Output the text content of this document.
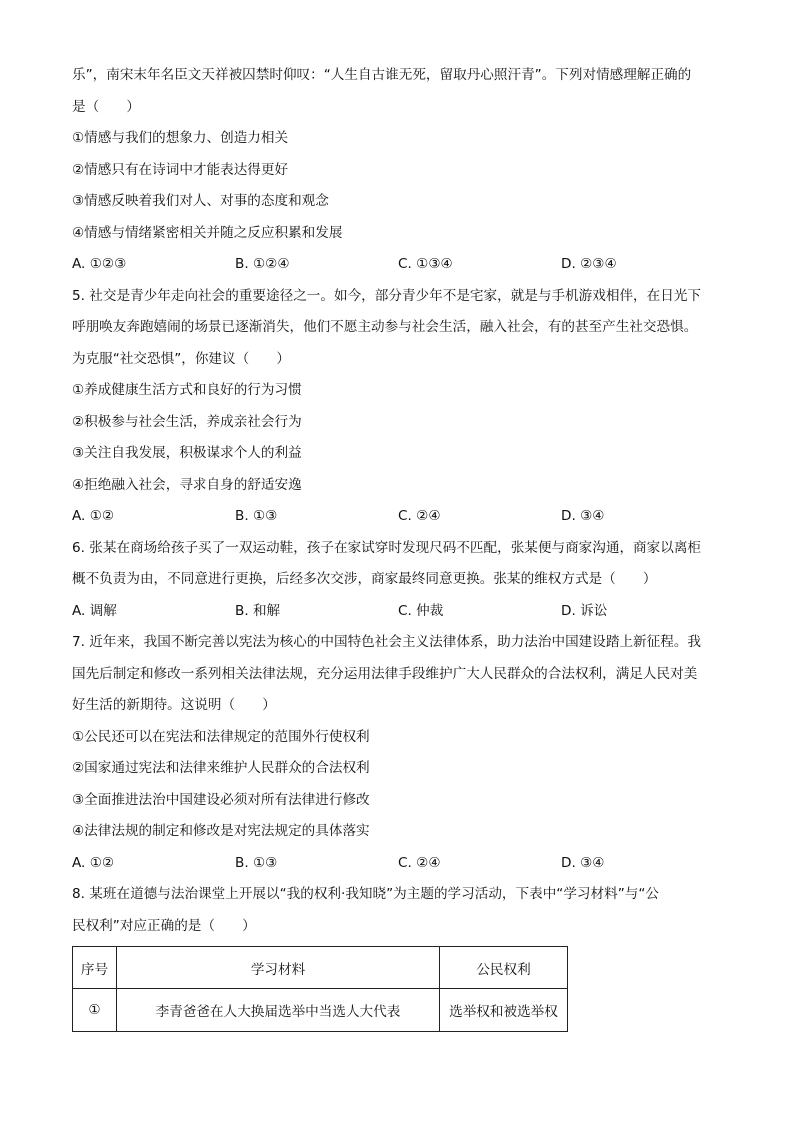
乐”，南宋末年名臣文天祥被囚禁时仰叹：“人生自古谁无死，留取丹心照汗青”。下列对情感理解正确的
是（　　）
①情感与我们的想象力、创造力相关
②情感只有在诗词中才能表达得更好
③情感反映着我们对人、对事的态度和观念
④情感与情绪紧密相关并随之反应积累和发展
A. ①②③	B. ①②④	C. ①③④	D. ②③④
5. 社交是青少年走向社会的重要途径之一。如今，部分青少年不是宅家，就是与手机游戏相伴，在日光下
呼朋唤友奔跑嬉闹的场景已逐渐消失，他们不愿主动参与社会生活，融入社会，有的甚至产生社交恐惧。
为克服“社交恐惧”，你建议（　　）
①养成健康生活方式和良好的行为习惯
②积极参与社会生活，养成亲社会行为
③关注自我发展，积极谋求个人的利益
④拒绝融入社会，寻求自身的舒适安逸
A. ①②	B. ①③	C. ②④	D. ③④
6. 张某在商场给孩子买了一双运动鞋，孩子在家试穿时发现尺码不匹配，张某便与商家沟通，商家以离柜
概不负责为由，不同意进行更换，后经多次交涉，商家最终同意更换。张某的维权方式是（　　）
A. 调解	B. 和解	C. 仲裁	D. 诉讼
7. 近年来，我国不断完善以宪法为核心的中国特色社会主义法律体系，助力法治中国建设踏上新征程。我
国先后制定和修改一系列相关法律法规，充分运用法律手段维护广大人民群众的合法权利，满足人民对美
好生活的新期待。这说明（　　）
①公民还可以在宪法和法律规定的范围外行使权利
②国家通过宪法和法律来维护人民群众的合法权利
③全面推进法治中国建设必须对所有法律进行修改
④法律法规的制定和修改是对宪法规定的具体落实
A. ①②	B. ①③	C. ②④	D. ③④
8. 某班在道德与法治课堂上开展以“我的权利·我知晓”为主题的学习活动，下表中“学习材料”与“公
民权利”对应正确的是（　　）
序号	学习材料	公民权利
①	李青爸爸在人大换届选举中当选人大代表	选举权和被选举权
